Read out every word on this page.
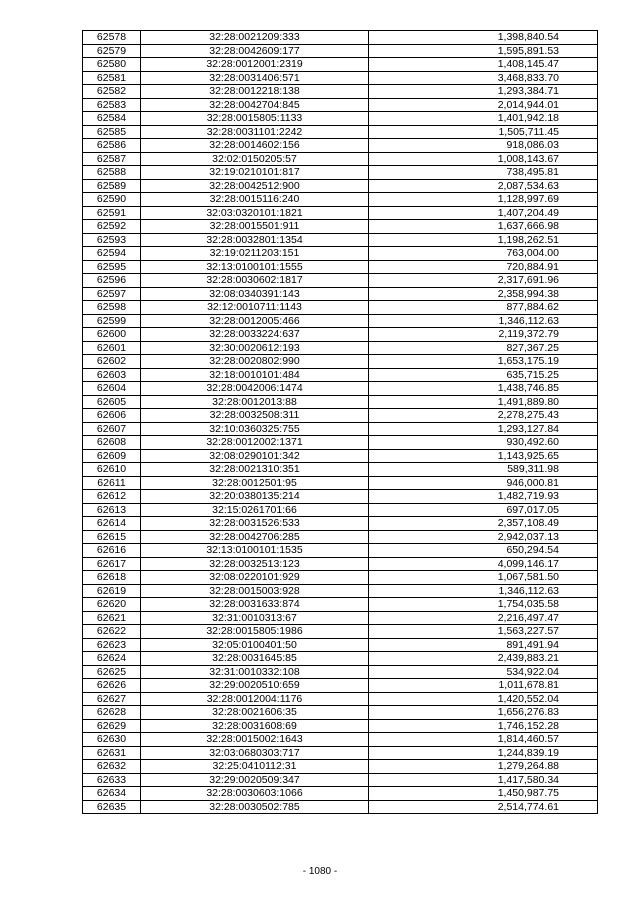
62578	32:28:0021209:333	1,398,840.54
62579	32:28:0042609:177	1,595,891.53
62580	32:28:0012001:2319	1,408,145.47
62581	32:28:0031406:571	3,468,833.70
62582	32:28:0012218:138	1,293,384.71
62583	32:28:0042704:845	2,014,944.01
62584	32:28:0015805:1133	1,401,942.18
62585	32:28:0031101:2242	1,505,711.45
62586	32:28:0014602:156	918,086.03
62587	32:02:0150205:57	1,008,143.67
62588	32:19:0210101:817	738,495.81
62589	32:28:0042512:900	2,087,534.63
62590	32:28:0015116:240	1,128,997.69
62591	32:03:0320101:1821	1,407,204.49
62592	32:28:0015501:911	1,637,666.98
62593	32:28:0032801:1354	1,198,262.51
62594	32:19:0211203:151	763,004.00
62595	32:13:0100101:1555	720,884.91
62596	32:28:0030602:1817	2,317,691.96
62597	32:08:0340391:143	2,358,994.38
62598	32:12:0010711:1143	877,884.62
62599	32:28:0012005:466	1,346,112.63
62600	32:28:0033224:637	2,119,372.79
62601	32:30:0020612:193	827,367.25
62602	32:28:0020802:990	1,653,175.19
62603	32:18:0010101:484	635,715.25
62604	32:28:0042006:1474	1,438,746.85
62605	32:28:0012013:88	1,491,889.80
62606	32:28:0032508:311	2,278,275.43
62607	32:10:0360325:755	1,293,127.84
62608	32:28:0012002:1371	930,492.60
62609	32:08:0290101:342	1,143,925.65
62610	32:28:0021310:351	589,311.98
62611	32:28:0012501:95	946,000.81
62612	32:20:0380135:214	1,482,719.93
62613	32:15:0261701:66	697,017.05
62614	32:28:0031526:533	2,357,108.49
62615	32:28:0042706:285	2,942,037.13
62616	32:13:0100101:1535	650,294.54
62617	32:28:0032513:123	4,099,146.17
62618	32:08:0220101:929	1,067,581.50
62619	32:28:0015003:928	1,346,112.63
62620	32:28:0031633:874	1,754,035.58
62621	32:31:0010313:67	2,216,497.47
62622	32:28:0015805:1986	1,563,227.57
62623	32:05:0100401:50	891,491.94
62624	32:28:0031645:85	2,439,883.21
62625	32:31:0010332:108	534,922.04
62626	32:29:0020510:659	1,011,678.81
62627	32:28:0012004:1176	1,420,552.04
62628	32:28:0021606:35	1,656,276.83
62629	32:28:0031608:69	1,746,152.28
62630	32:28:0015002:1643	1,814,460.57
62631	32:03:0680303:717	1,244,839.19
62632	32:25:0410112:31	1,279,264.88
62633	32:29:0020509:347	1,417,580.34
62634	32:28:0030603:1066	1,450,987.75
62635	32:28:0030502:785	2,514,774.61
- 1080 -
